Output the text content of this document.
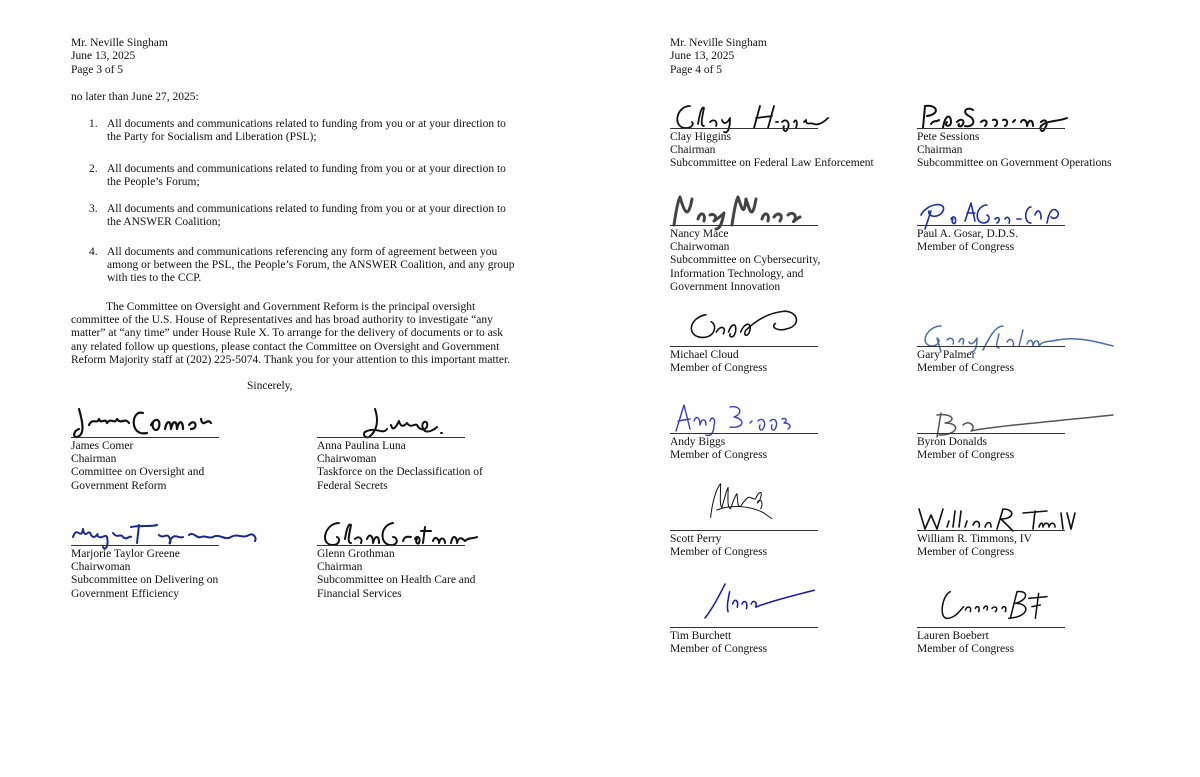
Mr. Neville Singham
June 13, 2025
Page 3 of 5
no later than June 27, 2025:
1. All documents and communications related to funding from you or at your direction to
the Party for Socialism and Liberation (PSL);
2. All documents and communications related to funding from you or at your direction to
the People’s Forum;
3. All documents and communications related to funding from you or at your direction to
the ANSWER Coalition;
4. All documents and communications referencing any form of agreement between you
among or between the PSL, the People’s Forum, the ANSWER Coalition, and any group
with ties to the CCP.
The Committee on Oversight and Government Reform is the principal oversight
committee of the U.S. House of Representatives and has broad authority to investigate “any
matter” at “any time” under House Rule X. To arrange for the delivery of documents or to ask
any related follow up questions, please contact the Committee on Oversight and Government
Reform Majority staff at (202) 225-5074. Thank you for your attention to this important matter.
Sincerely,
James Comer
Chairman
Committee on Oversight and
Government Reform
Anna Paulina Luna
Chairwoman
Taskforce on the Declassification of
Federal Secrets
Marjorie Taylor Greene
Chairwoman
Subcommittee on Delivering on
Government Efficiency
Glenn Grothman
Chairman
Subcommittee on Health Care and
Financial Services
Mr. Neville Singham
June 13, 2025
Page 4 of 5
Clay Higgins
Chairman
Subcommittee on Federal Law Enforcement
Pete Sessions
Chairman
Subcommittee on Government Operations
Nancy Mace
Chairwoman
Subcommittee on Cybersecurity,
Information Technology, and
Government Innovation
Paul A. Gosar, D.D.S.
Member of Congress
Michael Cloud
Member of Congress
Gary Palmer
Member of Congress
Andy Biggs
Member of Congress
Byron Donalds
Member of Congress
Scott Perry
Member of Congress
William R. Timmons, IV
Member of Congress
Tim Burchett
Member of Congress
Lauren Boebert
Member of Congress
